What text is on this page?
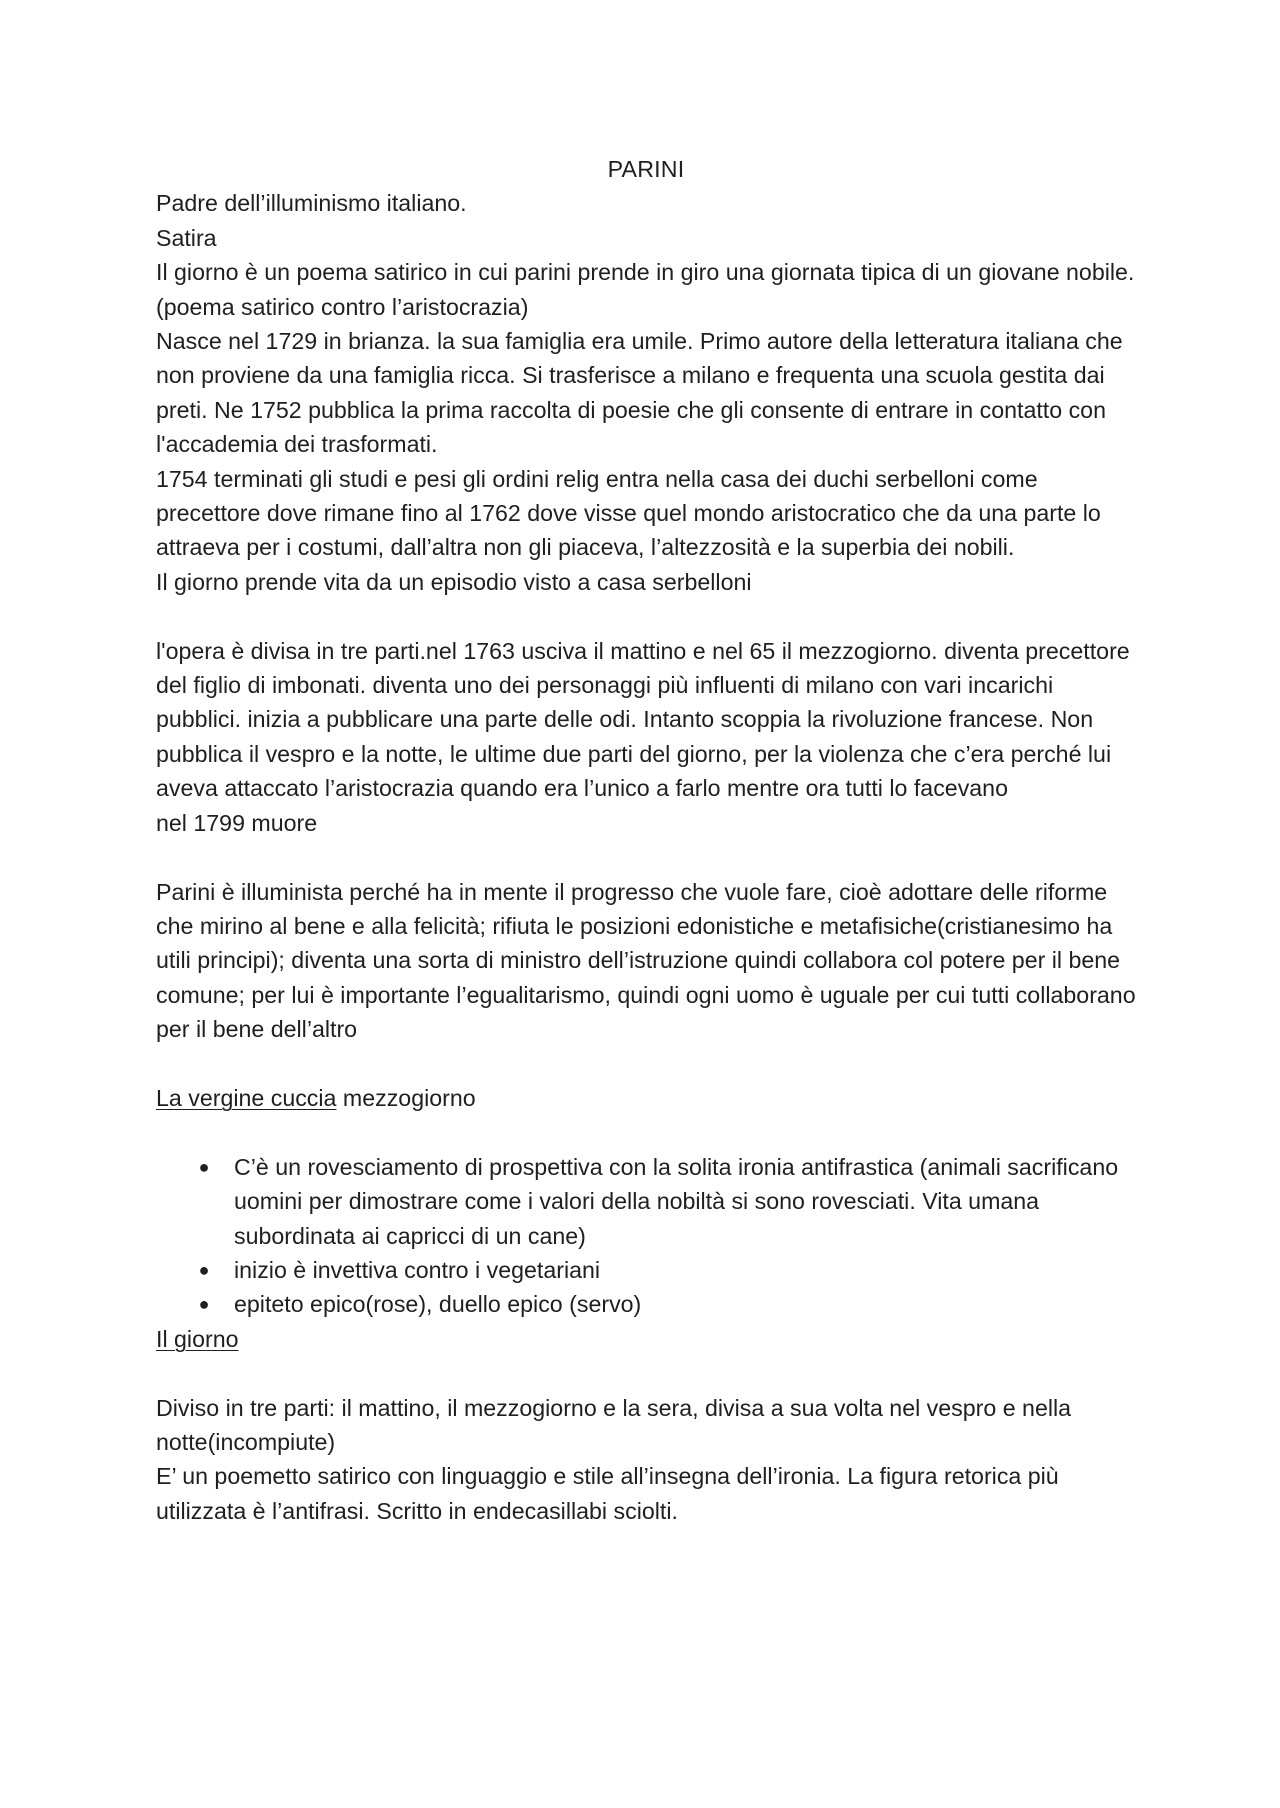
PARINI

Padre dell’illuminismo italiano.

Satira

Il giorno è un poema satirico in cui parini prende in giro una giornata tipica di un giovane nobile. (poema satirico contro l’aristocrazia)

Nasce nel 1729 in brianza. la sua famiglia era umile. Primo autore della letteratura italiana che non proviene da una famiglia ricca. Si trasferisce a milano e frequenta una scuola gestita dai preti. Ne 1752 pubblica la prima raccolta di poesie che gli consente di entrare in contatto con l'accademia dei trasformati.

1754 terminati gli studi e pesi gli ordini relig entra nella casa dei duchi serbelloni come precettore dove rimane fino al 1762 dove visse quel mondo aristocratico che da una parte lo attraeva per i costumi, dall’altra non gli piaceva, l’altezzosità e la superbia dei nobili.

Il giorno prende vita da un episodio visto a casa serbelloni

l'opera è divisa in tre parti.nel 1763 usciva il mattino e nel 65 il mezzogiorno. diventa precettore del figlio di imbonati. diventa uno dei personaggi più influenti di milano con vari incarichi pubblici. inizia a pubblicare una parte delle odi. Intanto scoppia la rivoluzione francese. Non pubblica il vespro e la notte, le ultime due parti del giorno, per la violenza che c’era perché lui aveva attaccato l’aristocrazia quando era l’unico a farlo mentre ora tutti lo facevano

nel 1799 muore

Parini è illuminista perché ha in mente il progresso che vuole fare, cioè adottare delle riforme che mirino al bene e alla felicità; rifiuta le posizioni edonistiche e metafisiche(cristianesimo ha utili principi); diventa una sorta di ministro dell’istruzione quindi collabora col potere per il bene comune; per lui è importante l’egualitarismo, quindi ogni uomo è uguale per cui tutti collaborano per il bene dell’altro

La vergine cuccia mezzogiorno

● C’è un rovesciamento di prospettiva con la solita ironia antifrastica (animali sacrificano uomini per dimostrare come i valori della nobiltà si sono rovesciati. Vita umana subordinata ai capricci di un cane)
● inizio è invettiva contro i vegetariani
● epiteto epico(rose), duello epico (servo)

Il giorno

Diviso in tre parti: il mattino, il mezzogiorno e la sera, divisa a sua volta nel vespro e nella notte(incompiute)

E’ un poemetto satirico con linguaggio e stile all’insegna dell’ironia. La figura retorica più utilizzata è l’antifrasi. Scritto in endecasillabi sciolti.
